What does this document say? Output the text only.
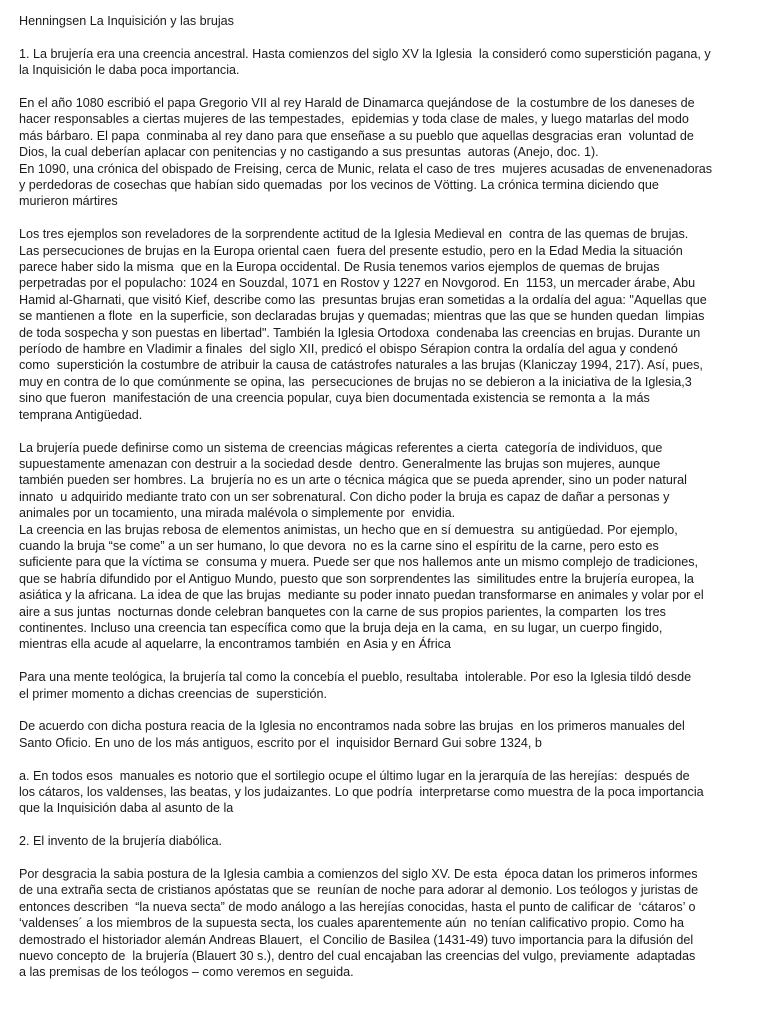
Henningsen La Inquisición y las brujas

1. La brujería era una creencia ancestral. Hasta comienzos del siglo XV la Iglesia  la consideró como superstición pagana, y
la Inquisición le daba poca importancia.

En el año 1080 escribió el papa Gregorio VII al rey Harald de Dinamarca quejándose de  la costumbre de los daneses de
hacer responsables a ciertas mujeres de las tempestades,  epidemias y toda clase de males, y luego matarlas del modo
más bárbaro. El papa  conminaba al rey dano para que enseñase a su pueblo que aquellas desgracias eran  voluntad de
Dios, la cual deberían aplacar con penitencias y no castigando a sus presuntas  autoras (Anejo, doc. 1).

En 1090, una crónica del obispado de Freising, cerca de Munic, relata el caso de tres  mujeres acusadas de envenenadoras
y perdedoras de cosechas que habían sido quemadas  por los vecinos de Vötting. La crónica termina diciendo que
murieron mártires

Los tres ejemplos son reveladores de la sorprendente actitud de la Iglesia Medieval en  contra de las quemas de brujas.
Las persecuciones de brujas en la Europa oriental caen  fuera del presente estudio, pero en la Edad Media la situación
parece haber sido la misma  que en la Europa occidental. De Rusia tenemos varios ejemplos de quemas de brujas
perpetradas por el populacho: 1024 en Souzdal, 1071 en Rostov y 1227 en Novgorod. En  1153, un mercader árabe, Abu
Hamid al-Gharnati, que visitó Kief, describe como las  presuntas brujas eran sometidas a la ordalía del agua: "Aquellas que
se mantienen a flote  en la superficie, son declaradas brujas y quemadas; mientras que las que se hunden quedan  limpias
de toda sospecha y son puestas en libertad". También la Iglesia Ortodoxa  condenaba las creencias en brujas. Durante un
período de hambre en Vladimir a finales  del siglo XII, predicó el obispo Sérapion contra la ordalía del agua y condenó
como  superstición la costumbre de atribuir la causa de catástrofes naturales a las brujas (Klaniczay 1994, 217). Así, pues,
muy en contra de lo que comúnmente se opina, las  persecuciones de brujas no se debieron a la iniciativa de la Iglesia,3
sino que fueron  manifestación de una creencia popular, cuya bien documentada existencia se remonta a  la más
temprana Antigüedad.

La brujería puede definirse como un sistema de creencias mágicas referentes a cierta  categoría de individuos, que
supuestamente amenazan con destruir a la sociedad desde  dentro. Generalmente las brujas son mujeres, aunque
también pueden ser hombres. La  brujería no es un arte o técnica mágica que se pueda aprender, sino un poder natural
innato  u adquirido mediante trato con un ser sobrenatural. Con dicho poder la bruja es capaz de dañar a personas y
animales por un tocamiento, una mirada malévola o simplemente por  envidia.

La creencia en las brujas rebosa de elementos animistas, un hecho que en sí demuestra  su antigüedad. Por ejemplo,
cuando la bruja “se come” a un ser humano, lo que devora  no es la carne sino el espíritu de la carne, pero esto es
suficiente para que la víctima se  consuma y muera. Puede ser que nos hallemos ante un mismo complejo de tradiciones,
que se habría difundido por el Antiguo Mundo, puesto que son sorprendentes las  similitudes entre la brujería europea, la
asiática y la africana. La idea de que las brujas  mediante su poder innato puedan transformarse en animales y volar por el
aire a sus juntas  nocturnas donde celebran banquetes con la carne de sus propios parientes, la comparten  los tres
continentes. Incluso una creencia tan específica como que la bruja deja en la cama,  en su lugar, un cuerpo fingido,
mientras ella acude al aquelarre, la encontramos también  en Asia y en África

Para una mente teológica, la brujería tal como la concebía el pueblo, resultaba  intolerable. Por eso la Iglesia tildó desde
el primer momento a dichas creencias de  superstición.

De acuerdo con dicha postura reacia de la Iglesia no encontramos nada sobre las brujas  en los primeros manuales del
Santo Oficio. En uno de los más antiguos, escrito por el  inquisidor Bernard Gui sobre 1324, b

a. En todos esos  manuales es notorio que el sortilegio ocupe el último lugar en la jerarquía de las herejías:  después de
los cátaros, los valdenses, las beatas, y los judaizantes. Lo que podría  interpretarse como muestra de la poca importancia
que la Inquisición daba al asunto de la

2. El invento de la brujería diabólica.

Por desgracia la sabia postura de la Iglesia cambia a comienzos del siglo XV. De esta  época datan los primeros informes
de una extraña secta de cristianos apóstatas que se  reunían de noche para adorar al demonio. Los teólogos y juristas de
entonces describen  “la nueva secta” de modo análogo a las herejías conocidas, hasta el punto de calificar de  ‘cátaros’ o
‘valdenses´ a los miembros de la supuesta secta, los cuales aparentemente aún  no tenían calificativo propio. Como ha
demostrado el historiador alemán Andreas Blauert,  el Concilio de Basilea (1431-49) tuvo importancia para la difusión del
nuevo concepto de  la brujería (Blauert 30 s.), dentro del cual encajaban las creencias del vulgo, previamente  adaptadas
a las premisas de los teólogos – como veremos en seguida.
